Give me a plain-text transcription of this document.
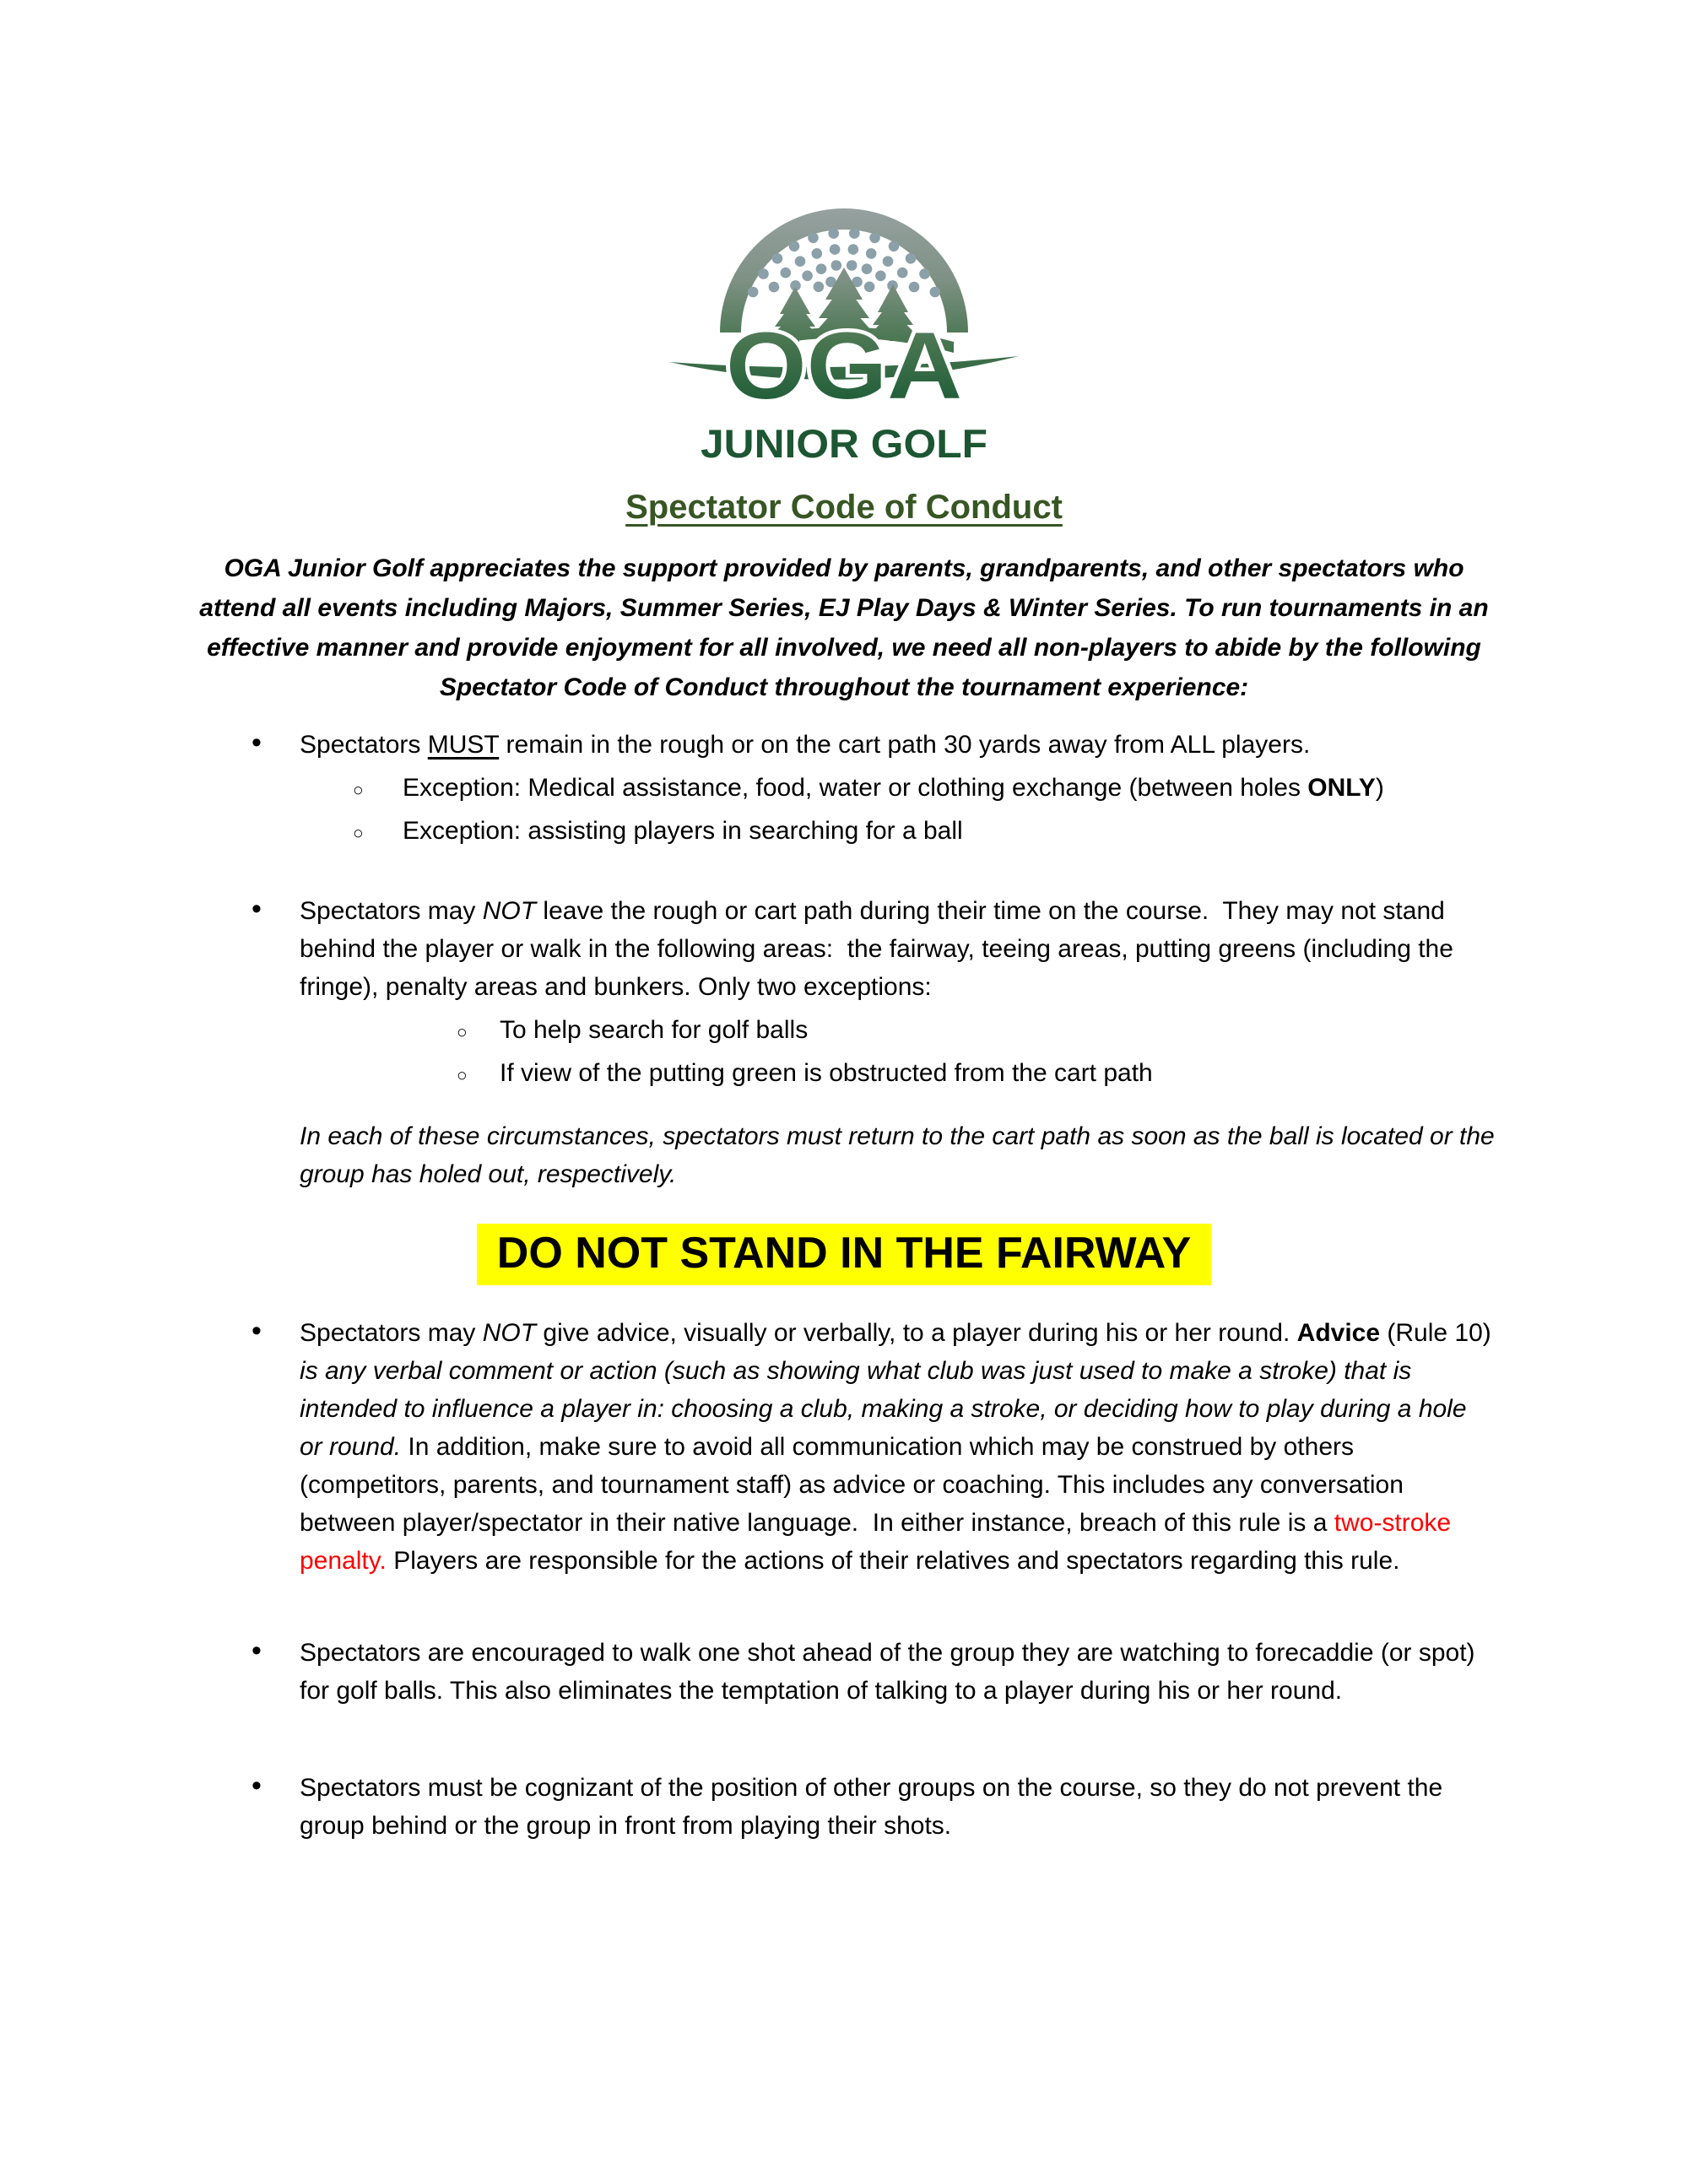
OGA
JUNIOR GOLF
Spectator Code of Conduct
OGA Junior Golf appreciates the support provided by parents, grandparents, and other spectators who attend all events including Majors, Summer Series, EJ Play Days & Winter Series. To run tournaments in an effective manner and provide enjoyment for all involved, we need all non-players to abide by the following Spectator Code of Conduct throughout the tournament experience:
• Spectators MUST remain in the rough or on the cart path 30 yards away from ALL players.
○ Exception: Medical assistance, food, water or clothing exchange (between holes ONLY)
○ Exception: assisting players in searching for a ball
• Spectators may NOT leave the rough or cart path during their time on the course.  They may not stand behind the player or walk in the following areas:  the fairway, teeing areas, putting greens (including the fringe), penalty areas and bunkers. Only two exceptions:
○ To help search for golf balls
○ If view of the putting green is obstructed from the cart path
In each of these circumstances, spectators must return to the cart path as soon as the ball is located or the group has holed out, respectively.
DO NOT STAND IN THE FAIRWAY
• Spectators may NOT give advice, visually or verbally, to a player during his or her round. Advice (Rule 10) is any verbal comment or action (such as showing what club was just used to make a stroke) that is intended to influence a player in: choosing a club, making a stroke, or deciding how to play during a hole or round. In addition, make sure to avoid all communication which may be construed by others (competitors, parents, and tournament staff) as advice or coaching. This includes any conversation between player/spectator in their native language.  In either instance, breach of this rule is a two-stroke penalty. Players are responsible for the actions of their relatives and spectators regarding this rule.
• Spectators are encouraged to walk one shot ahead of the group they are watching to forecaddie (or spot) for golf balls. This also eliminates the temptation of talking to a player during his or her round.
• Spectators must be cognizant of the position of other groups on the course, so they do not prevent the group behind or the group in front from playing their shots.
